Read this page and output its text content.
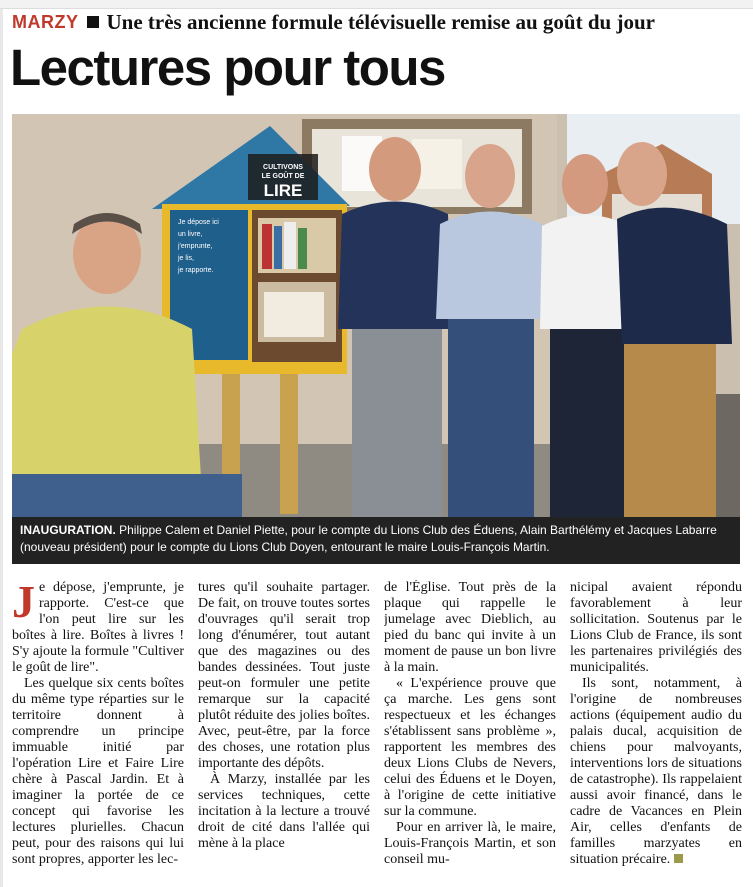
MARZY Une très ancienne formule télévisuelle remise au goût du jour
Lectures pour tous
CULTIVONS
LE GOÛT DE
LIRE
Je dépose ici
un livre,
j'emprunte,
je lis,
je rapporte.
INAUGURATION. Philippe Calem et Daniel Piette, pour le compte du Lions Club des Éduens, Alain Barthélémy et Jacques Labarre (nouveau président) pour le compte du Lions Club Doyen, entourant le maire Louis-François Martin.

Je dépose, j'emprunte, je rapporte. C'est-ce que l'on peut lire sur les boîtes à lire. Boîtes à livres ! S'y ajoute la formule "Cultiver le goût de lire".

Les quelque six cents boîtes du même type réparties sur le territoire donnent à comprendre un principe immuable initié par l'opération Lire et Faire Lire chère à Pascal Jardin. Et à imaginer la portée de ce concept qui favorise les lectures plurielles. Chacun peut, pour des raisons qui lui sont propres, apporter les lec-

tures qu'il souhaite partager. De fait, on trouve toutes sortes d'ouvrages qu'il serait trop long d'énumérer, tout autant que des magazines ou des bandes dessinées. Tout juste peut-on formuler une petite remarque sur la capacité plutôt réduite des jolies boîtes. Avec, peut-être, par la force des choses, une rotation plus importante des dépôts.

À Marzy, installée par les services techniques, cette incitation à la lecture a trouvé droit de cité dans l'allée qui mène à la place

de l'Église. Tout près de la plaque qui rappelle le jumelage avec Dieblich, au pied du banc qui invite à un moment de pause un bon livre à la main.

« L'expérience prouve que ça marche. Les gens sont respectueux et les échanges s'établissent sans problème », rapportent les membres des deux Lions Clubs de Nevers, celui des Éduens et le Doyen, à l'origine de cette initiative sur la commune.

Pour en arriver là, le maire, Louis-François Martin, et son conseil mu-

nicipal avaient répondu favorablement à leur sollicitation. Soutenus par le Lions Club de France, ils sont les partenaires privilégiés des municipalités.

Ils sont, notamment, à l'origine de nombreuses actions (équipement audio du palais ducal, acquisition de chiens pour malvoyants, interventions lors de situations de catastrophe). Ils rappelaient aussi avoir financé, dans le cadre de Vacances en Plein Air, celles d'enfants de familles marzyates en situation précaire.
